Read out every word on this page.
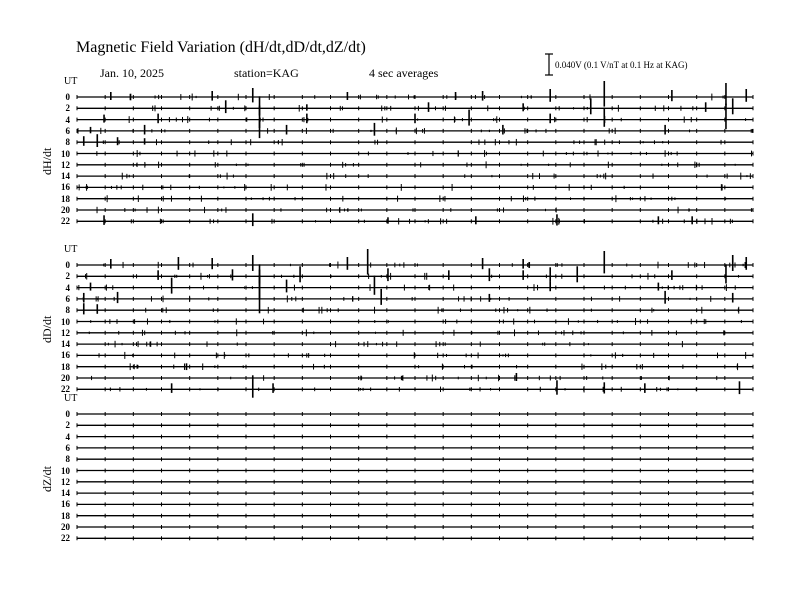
Magnetic Field Variation (dH/dt,dD/dt,dZ/dt)
Jan. 10, 2025	station=KAG	4 sec averages
0.040V (0.1 V/nT at 0.1 Hz at KAG)
UT
dH/dt
0
2
4
6
8
10
12
14
16
18
20
22
UT
dD/dt
0
2
4
6
8
10
12
14
16
18
20
22
UT
dZ/dt
0
2
4
6
8
10
12
14
16
18
20
22
